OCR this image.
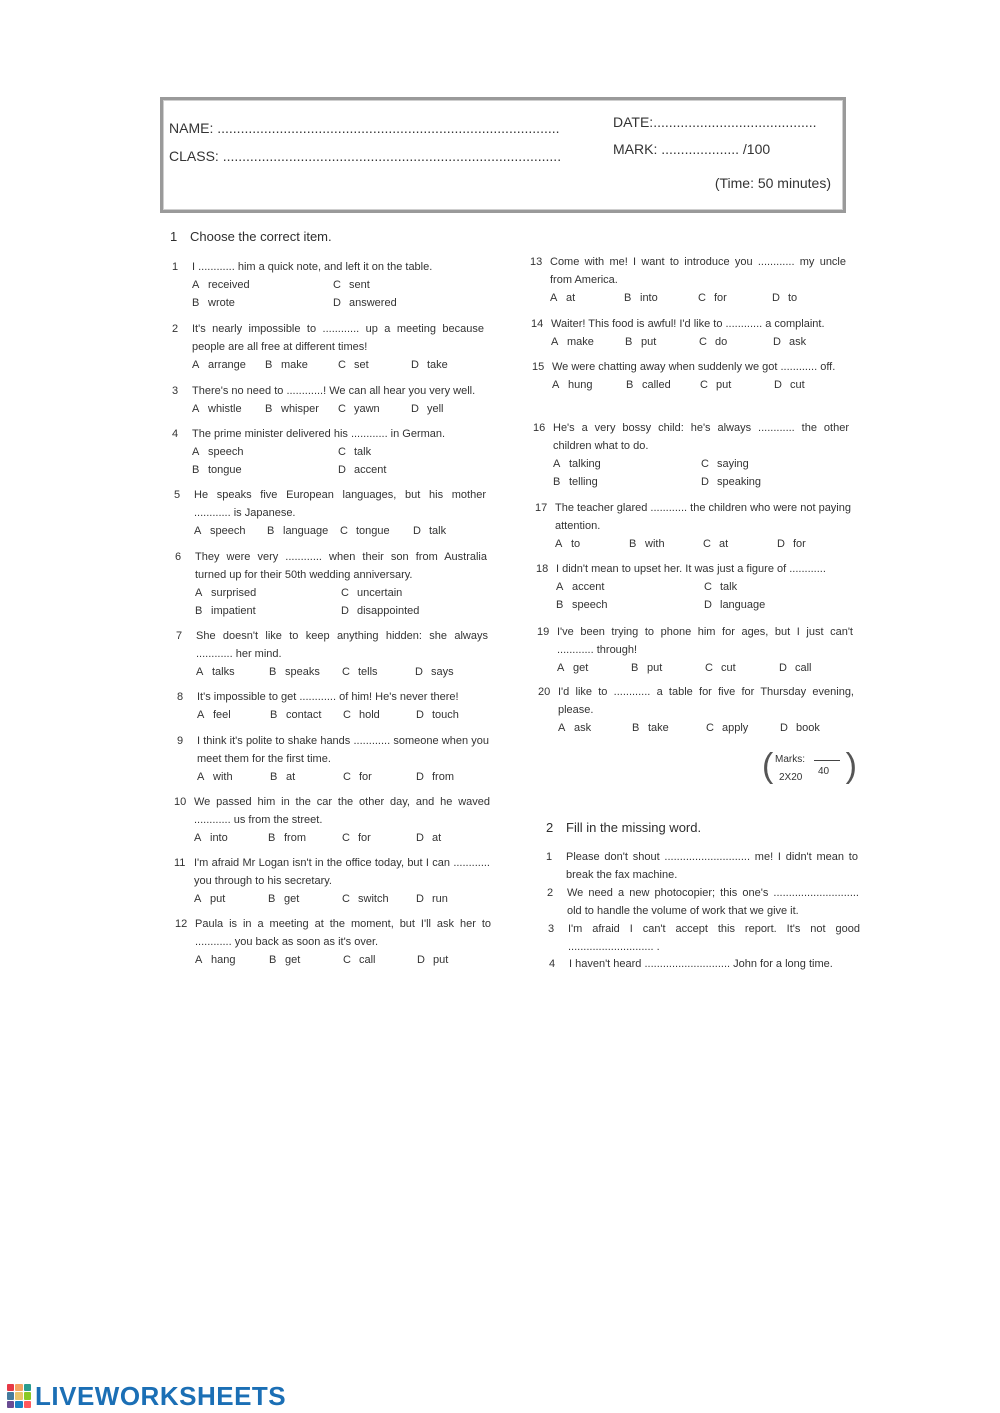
NAME: ........................................................................................
CLASS: .......................................................................................
DATE:..........................................
MARK: .................... /100
(Time: 50 minutes)
1 Choose the correct item.
1	I ............ him a quick note, and left it on the table.
A received	C sent
B wrote	D answered
2	It's nearly impossible to ............ up a meeting because people are all free at different times!
A arrange	B make	C set	D take
3	There's no need to ............! We can all hear you very well.
A whistle	B whisper	C yawn	D yell
4	The prime minister delivered his ............ in German.
A speech	C talk
B tongue	D accent
5	He speaks five European languages, but his mother ............ is Japanese.
A speech	B language	C tongue	D talk
6	They were very ............ when their son from Australia turned up for their 50th wedding anniversary.
A surprised	C uncertain
B impatient	D disappointed
7	She doesn't like to keep anything hidden: she always ............ her mind.
A talks	B speaks	C tells	D says
8	It's impossible to get ............ of him! He's never there!
A feel	B contact	C hold	D touch
9	I think it's polite to shake hands ............ someone when you meet them for the first time.
A with	B at	C for	D from
10 We passed him in the car the other day, and he waved ............ us from the street.
A into	B from	C for	D at
11 I'm afraid Mr Logan isn't in the office today, but I can ............ you through to his secretary.
A put	B get	C switch	D run
12 Paula is in a meeting at the moment, but I'll ask her to ............ you back as soon as it's over.
A hang	B get	C call	D put
13 Come with me! I want to introduce you ............ my uncle from America.
A at	B into	C for	D to
14 Waiter! This food is awful! I'd like to ............ a complaint.
A make	B put	C do	D ask
15 We were chatting away when suddenly we got ............ off.
A hung	B called	C put	D cut
16 He's a very bossy child: he's always ............ the other children what to do.
A talking	C saying
B telling	D speaking
17 The teacher glared ............ the children who were not paying attention.
A to	B with	C at	D for
18 I didn't mean to upset her. It was just a figure of ............
A accent	C talk
B speech	D language
19 I've been trying to phone him for ages, but I just can't ............ through!
A get	B put	C cut	D call
20 I'd like to ............ a table for five for Thursday evening, please.
A ask	B take	C apply	D book
( Marks:
2X20
40 )
2 Fill in the missing word.
1	Please don't shout ............................ me! I didn't mean to break the fax machine.
2	We need a new photocopier; this one's ............................ old to handle the volume of work that we give it.
3	I'm afraid I can't accept this report. It's not good ............................ .
4	I haven't heard ............................ John for a long time.
LIVEWORKSHEETS
